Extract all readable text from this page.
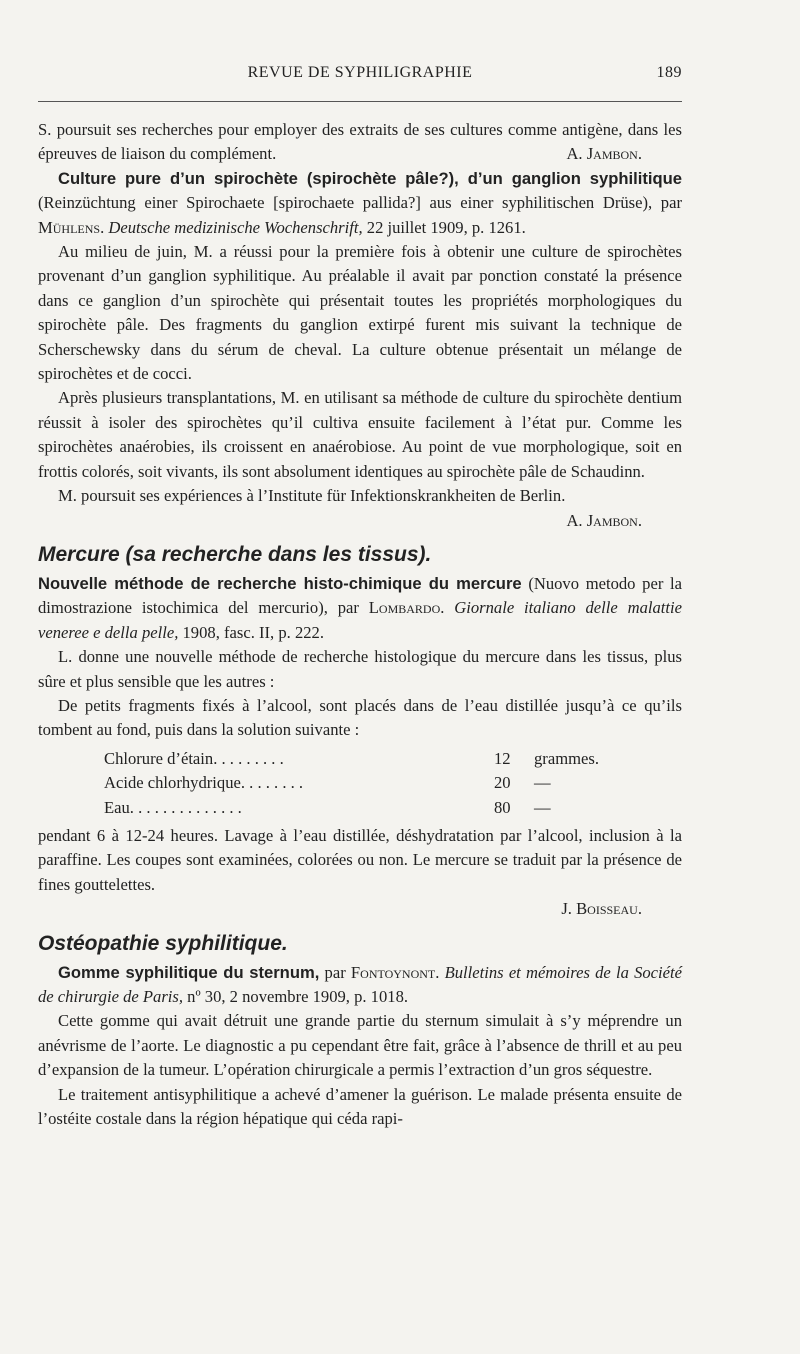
REVUE DE SYPHILIGRAPHIE	189

S. poursuit ses recherches pour employer des extraits de ses cultures comme antigène, dans les épreuves de liaison du complément.	A. Jambon.

Culture pure d’un spirochète (spirochète pâle?), d’un ganglion syphilitique (Reinzüchtung einer Spirochaete [spirochaete pallida?] aus einer syphilitischen Drüse), par Mühlens. Deutsche medizinische Wochenschrift, 22 juillet 1909, p. 1261.

Au milieu de juin, M. a réussi pour la première fois à obtenir une culture de spirochètes provenant d’un ganglion syphilitique. Au préalable il avait par ponction constaté la présence dans ce ganglion d’un spirochète qui présentait toutes les propriétés morphologiques du spirochète pâle. Des fragments du ganglion extirpé furent mis suivant la technique de Scherschewsky dans du sérum de cheval. La culture obtenue présentait un mélange de spirochètes et de cocci.

Après plusieurs transplantations, M. en utilisant sa méthode de culture du spirochète dentium réussit à isoler des spirochètes qu’il cultiva ensuite facilement à l’état pur. Comme les spirochètes anaérobies, ils croissent en anaérobiose. Au point de vue morphologique, soit en frottis colorés, soit vivants, ils sont absolument identiques au spirochète pâle de Schaudinn.

M. poursuit ses expériences à l’Institute für Infektionskrankheiten de Berlin.
A. Jambon.

Mercure (sa recherche dans les tissus).

Nouvelle méthode de recherche histo-chimique du mercure (Nuovo metodo per la dimostrazione istochimica del mercurio), par Lombardo. Giornale italiano delle malattie veneree e della pelle, 1908, fasc. II, p. 222.

L. donne une nouvelle méthode de recherche histologique du mercure dans les tissus, plus sûre et plus sensible que les autres :

De petits fragments fixés à l’alcool, sont placés dans de l’eau distillée jusqu’à ce qu’ils tombent au fond, puis dans la solution suivante :

Chlorure d’étain. . . . . . . . .	12	grammes.
Acide chlorhydrique. . . . . . . .	20	—
Eau. . . . . . . . . . . . . .	80	—

pendant 6 à 12-24 heures. Lavage à l’eau distillée, déshydratation par l’alcool, inclusion à la paraffine. Les coupes sont examinées, colorées ou non. Le mercure se traduit par la présence de fines gouttelettes.

J. Boisseau.
Ostéopathie syphilitique.

Gomme syphilitique du sternum, par Fontoynont. Bulletins et mémoires de la Société de chirurgie de Paris, nº 30, 2 novembre 1909, p. 1018.

Cette gomme qui avait détruit une grande partie du sternum simulait à s’y méprendre un anévrisme de l’aorte. Le diagnostic a pu cependant être fait, grâce à l’absence de thrill et au peu d’expansion de la tumeur. L’opération chirurgicale a permis l’extraction d’un gros séquestre.

Le traitement antisyphilitique a achevé d’amener la guérison. Le malade présenta ensuite de l’ostéite costale dans la région hépatique qui céda rapi-
